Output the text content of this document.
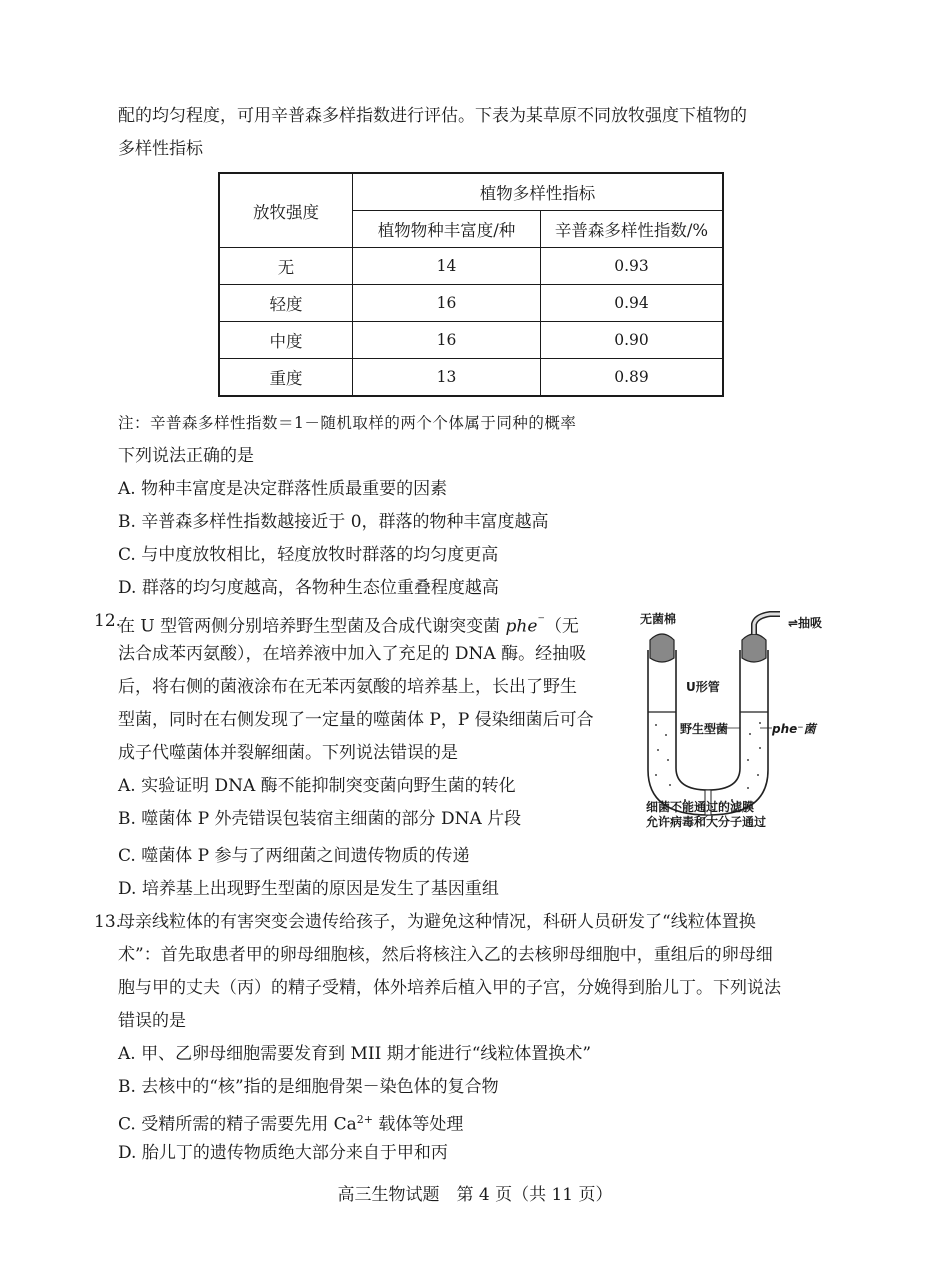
配的均匀程度，可用辛普森多样指数进行评估。下表为某草原不同放牧强度下植物的
多样性指标
放牧强度	植物多样性指标	
	植物物种丰富度/种	辛普森多样性指数/%
无	14	0.93
轻度	16	0.94
中度	16	0.90
重度	13	0.89
注：辛普森多样性指数＝1－随机取样的两个个体属于同种的概率
下列说法正确的是
A. 物种丰富度是决定群落性质最重要的因素
B. 辛普森多样性指数越接近于 0，群落的物种丰富度越高
C. 与中度放牧相比，轻度放牧时群落的均匀度更高
D. 群落的均匀度越高，各物种生态位重叠程度越高
12.
在 U 型管两侧分别培养野生型菌及合成代谢突变菌 phe⁻（无
法合成苯丙氨酸），在培养液中加入了充足的 DNA 酶。经抽吸
后，将右侧的菌液涂布在无苯丙氨酸的培养基上，长出了野生
型菌，同时在右侧发现了一定量的噬菌体 P，P 侵染细菌后可合
成子代噬菌体并裂解细菌。下列说法错误的是
A. 实验证明 DNA 酶不能抑制突变菌向野生菌的转化
B. 噬菌体 P 外壳错误包装宿主细菌的部分 DNA 片段
C. 噬菌体 P 参与了两细菌之间遗传物质的传递
D. 培养基上出现野生型菌的原因是发生了基因重组
无菌棉	⇌抽吸
U形管
野生型菌	phe⁻菌
细菌不能通过的滤膜
允许病毒和大分子通过
13.
母亲线粒体的有害突变会遗传给孩子，为避免这种情况，科研人员研发了“线粒体置换
术”：首先取患者甲的卵母细胞核，然后将核注入乙的去核卵母细胞中，重组后的卵母细
胞与甲的丈夫（丙）的精子受精，体外培养后植入甲的子宫，分娩得到胎儿丁。下列说法
错误的是
A. 甲、乙卵母细胞需要发育到 MII 期才能进行“线粒体置换术”
B. 去核中的“核”指的是细胞骨架－染色体的复合物
C. 受精所需的精子需要先用 $Ca^{2+}$ 载体等处理
D. 胎儿丁的遗传物质绝大部分来自于甲和丙
高三生物试题　第 4 页（共 11 页）
